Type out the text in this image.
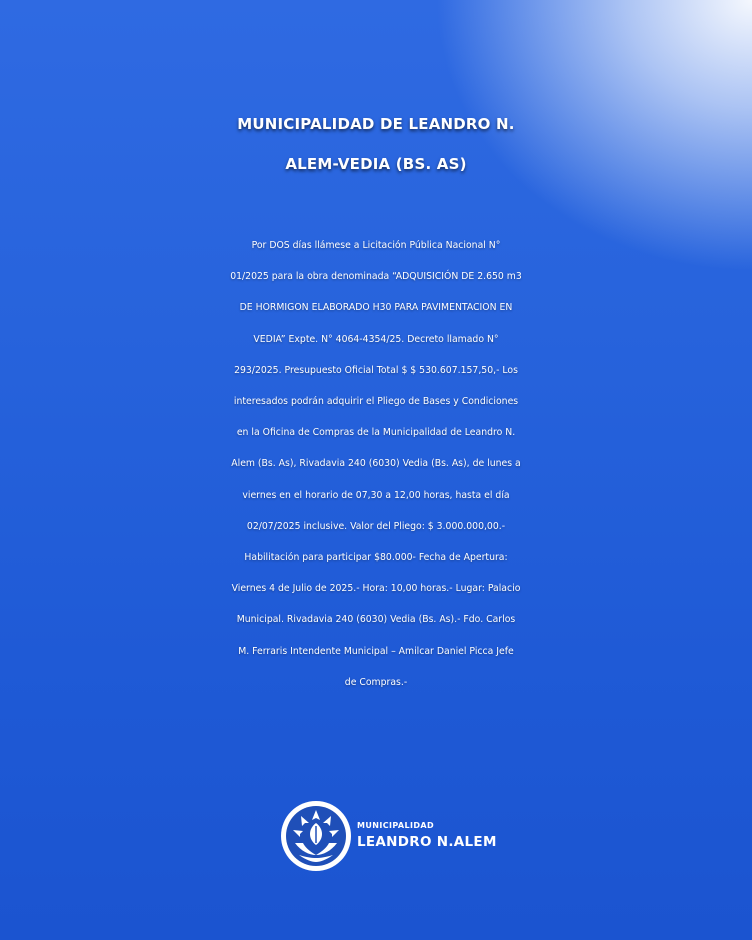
MUNICIPALIDAD DE LEANDRO N.
ALEM-VEDIA (BS. AS)
Por DOS días llámese a Licitación Pública Nacional N°
01/2025 para la obra denominada “ADQUISICIÓN DE 2.650 m3
DE HORMIGON ELABORADO H30 PARA PAVIMENTACION EN
VEDIA” Expte. N° 4064-4354/25. Decreto llamado N°
293/2025. Presupuesto Oficial Total $ $ 530.607.157,50,- Los
interesados podrán adquirir el Pliego de Bases y Condiciones
en la Oficina de Compras de la Municipalidad de Leandro N.
Alem (Bs. As), Rivadavia 240 (6030) Vedia (Bs. As), de lunes a
viernes en el horario de 07,30 a 12,00 horas, hasta el día
02/07/2025 inclusive. Valor del Pliego: $ 3.000.000,00.-
Habilitación para participar $80.000- Fecha de Apertura:
Viernes 4 de Julio de 2025.- Hora: 10,00 horas.- Lugar: Palacio
Municipal. Rivadavia 240 (6030) Vedia (Bs. As).- Fdo. Carlos
M. Ferraris Intendente Municipal – Amilcar Daniel Picca Jefe
de Compras.-
MUNICIPALIDAD
LEANDRO N.ALEM
